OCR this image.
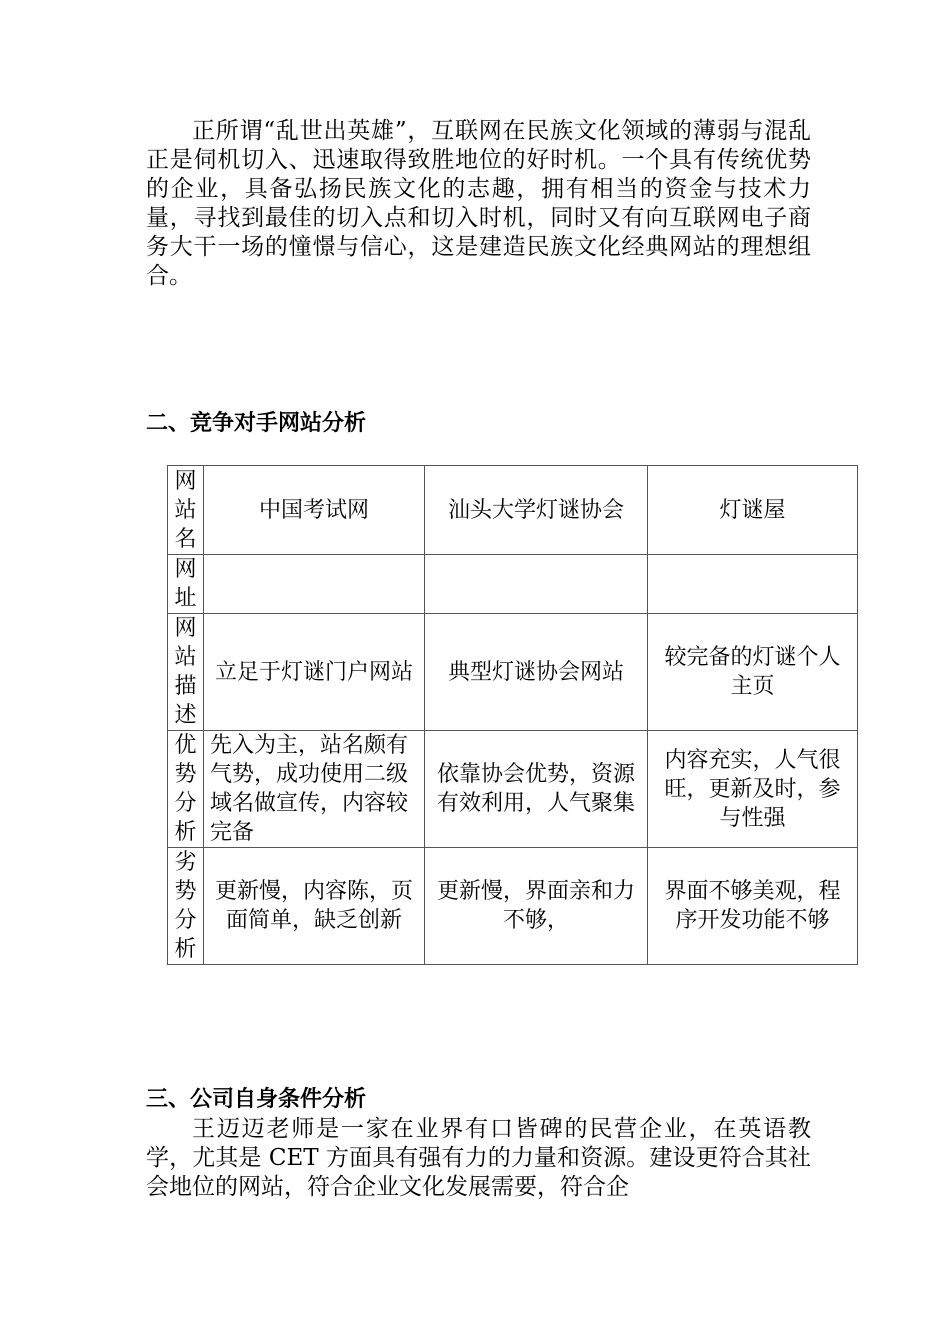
正所谓“乱世出英雄”，互联网在民族文化领域的薄弱与混乱正是伺机切入、迅速取得致胜地位的好时机。一个具有传统优势的企业，具备弘扬民族文化的志趣，拥有相当的资金与技术力量，寻找到最佳的切入点和切入时机，同时又有向互联网电子商务大干一场的憧憬与信心，这是建造民族文化经典网站的理想组合。

二、竞争对手网站分析
网站名	中国考试网	汕头大学灯谜协会	灯谜屋
网址			
网站描述	立足于灯谜门户网站	典型灯谜协会网站	较完备的灯谜个人主页
优势分析	先入为主，站名颇有气势，成功使用二级域名做宣传，内容较完备	依靠协会优势，资源有效利用，人气聚集	内容充实，人气很旺，更新及时，参与性强
劣势分析	更新慢，内容陈，页面简单，缺乏创新	更新慢，界面亲和力不够，	界面不够美观，程序开发功能不够
三、公司自身条件分析

王迈迈老师是一家在业界有口皆碑的民营企业，在英语教学，尤其是 CET 方面具有强有力的力量和资源。建设更符合其社会地位的网站，符合企业文化发展需要，符合企
